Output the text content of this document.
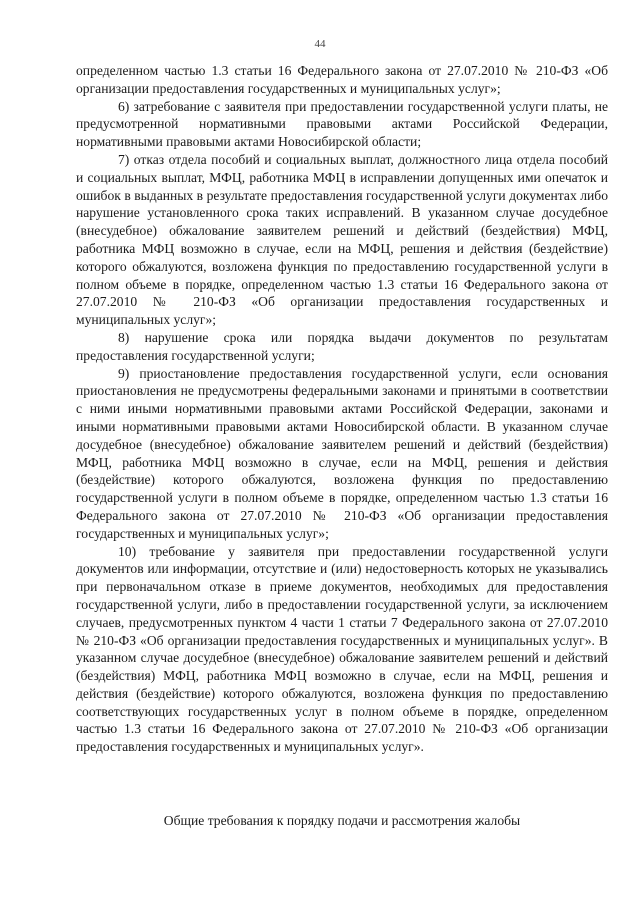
44

определенном частью 1.3 статьи 16 Федерального закона от 27.07.2010 № 210-ФЗ «Об организации предоставления государственных и муниципальных услуг»;

6) затребование с заявителя при предоставлении государственной услуги платы, не предусмотренной нормативными правовыми актами Российской Федерации, нормативными правовыми актами Новосибирской области;

7) отказ отдела пособий и социальных выплат, должностного лица отдела пособий и социальных выплат, МФЦ, работника МФЦ в исправлении допущенных ими опечаток и ошибок в выданных в результате предоставления государственной услуги документах либо нарушение установленного срока таких исправлений. В указанном случае досудебное (внесудебное) обжалование заявителем решений и действий (бездействия) МФЦ, работника МФЦ возможно в случае, если на МФЦ, решения и действия (бездействие) которого обжалуются, возложена функция по предоставлению государственной услуги в полном объеме в порядке, определенном частью 1.3 статьи 16 Федерального закона от 27.07.2010 № 210-ФЗ «Об организации предоставления государственных и муниципальных услуг»;

8) нарушение срока или порядка выдачи документов по результатам предоставления государственной услуги;

9) приостановление предоставления государственной услуги, если основания приостановления не предусмотрены федеральными законами и принятыми в соответствии с ними иными нормативными правовыми актами Российской Федерации, законами и иными нормативными правовыми актами Новосибирской области. В указанном случае досудебное (внесудебное) обжалование заявителем решений и действий (бездействия) МФЦ, работника МФЦ возможно в случае, если на МФЦ, решения и действия (бездействие) которого обжалуются, возложена функция по предоставлению государственной услуги в полном объеме в порядке, определенном частью 1.3 статьи 16 Федерального закона от 27.07.2010 № 210-ФЗ «Об организации предоставления государственных и муниципальных услуг»;

10) требование у заявителя при предоставлении государственной услуги документов или информации, отсутствие и (или) недостоверность которых не указывались при первоначальном отказе в приеме документов, необходимых для предоставления государственной услуги, либо в предоставлении государственной услуги, за исключением случаев, предусмотренных пунктом 4 части 1 статьи 7 Федерального закона от 27.07.2010 № 210-ФЗ «Об организации предоставления государственных и муниципальных услуг». В указанном случае досудебное (внесудебное) обжалование заявителем решений и действий (бездействия) МФЦ, работника МФЦ возможно в случае, если на МФЦ, решения и действия (бездействие) которого обжалуются, возложена функция по предоставлению соответствующих государственных услуг в полном объеме в порядке, определенном частью 1.3 статьи 16 Федерального закона от 27.07.2010 № 210-ФЗ «Об организации предоставления государственных и муниципальных услуг».

Общие требования к порядку подачи и рассмотрения жалобы
